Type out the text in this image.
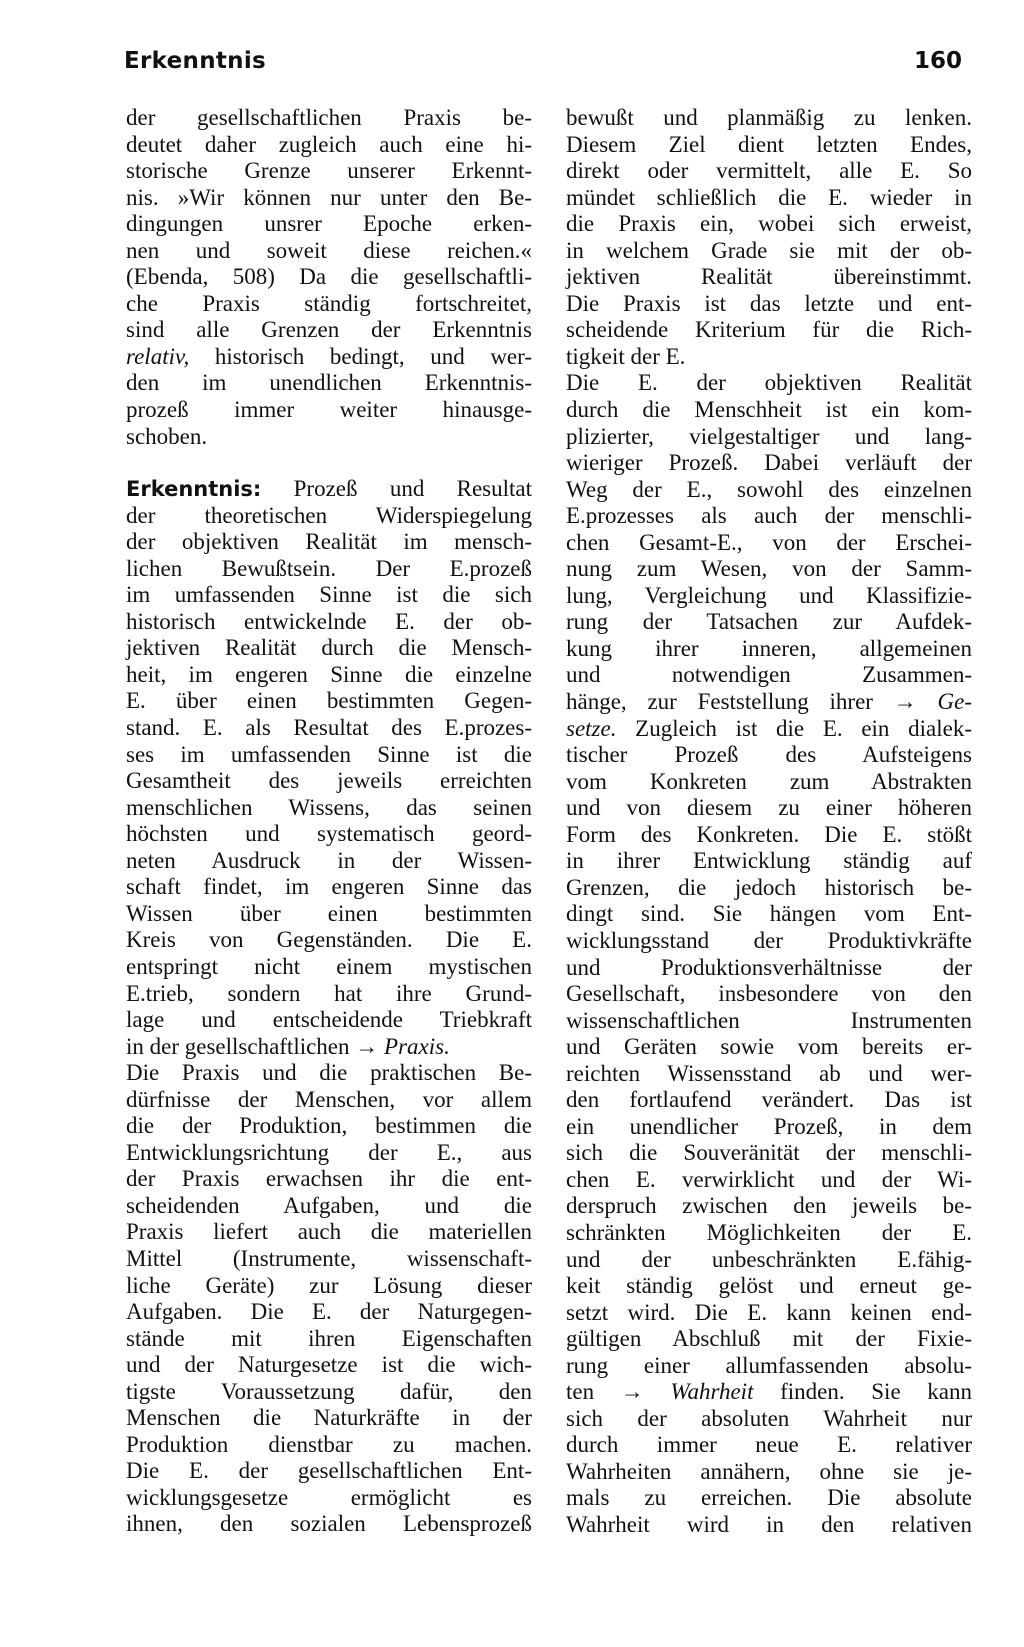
Erkenntnis	160
der gesellschaftlichen Praxis be-
deutet daher zugleich auch eine hi-
storische Grenze unserer Erkennt-
nis. »Wir können nur unter den Be-
dingungen unsrer Epoche erken-
nen und soweit diese reichen.«
(Ebenda, 508) Da die gesellschaftli-
che Praxis ständig fortschreitet,
sind alle Grenzen der Erkenntnis
relativ, historisch bedingt, und wer-
den im unendlichen Erkenntnis-
prozeß immer weiter hinausge-
schoben.
Erkenntnis: Prozeß und Resultat
der theoretischen Widerspiegelung
der objektiven Realität im mensch-
lichen Bewußtsein. Der E.prozeß
im umfassenden Sinne ist die sich
historisch entwickelnde E. der ob-
jektiven Realität durch die Mensch-
heit, im engeren Sinne die einzelne
E. über einen bestimmten Gegen-
stand. E. als Resultat des E.prozes-
ses im umfassenden Sinne ist die
Gesamtheit des jeweils erreichten
menschlichen Wissens, das seinen
höchsten und systematisch geord-
neten Ausdruck in der Wissen-
schaft findet, im engeren Sinne das
Wissen über einen bestimmten
Kreis von Gegenständen. Die E.
entspringt nicht einem mystischen
E.trieb, sondern hat ihre Grund-
lage und entscheidende Triebkraft
in der gesellschaftlichen → Praxis.
Die Praxis und die praktischen Be-
dürfnisse der Menschen, vor allem
die der Produktion, bestimmen die
Entwicklungsrichtung der E., aus
der Praxis erwachsen ihr die ent-
scheidenden Aufgaben, und die
Praxis liefert auch die materiellen
Mittel (Instrumente, wissenschaft-
liche Geräte) zur Lösung dieser
Aufgaben. Die E. der Naturgegen-
stände mit ihren Eigenschaften
und der Naturgesetze ist die wich-
tigste Voraussetzung dafür, den
Menschen die Naturkräfte in der
Produktion dienstbar zu machen.
Die E. der gesellschaftlichen Ent-
wicklungsgesetze ermöglicht es
ihnen, den sozialen Lebensprozeß
bewußt und planmäßig zu lenken.
Diesem Ziel dient letzten Endes,
direkt oder vermittelt, alle E. So
mündet schließlich die E. wieder in
die Praxis ein, wobei sich erweist,
in welchem Grade sie mit der ob-
jektiven Realität übereinstimmt.
Die Praxis ist das letzte und ent-
scheidende Kriterium für die Rich-
tigkeit der E.
Die E. der objektiven Realität
durch die Menschheit ist ein kom-
plizierter, vielgestaltiger und lang-
wieriger Prozeß. Dabei verläuft der
Weg der E., sowohl des einzelnen
E.prozesses als auch der menschli-
chen Gesamt-E., von der Erschei-
nung zum Wesen, von der Samm-
lung, Vergleichung und Klassifizie-
rung der Tatsachen zur Aufdek-
kung ihrer inneren, allgemeinen
und notwendigen Zusammen-
hänge, zur Feststellung ihrer → Ge-
setze. Zugleich ist die E. ein dialek-
tischer Prozeß des Aufsteigens
vom Konkreten zum Abstrakten
und von diesem zu einer höheren
Form des Konkreten. Die E. stößt
in ihrer Entwicklung ständig auf
Grenzen, die jedoch historisch be-
dingt sind. Sie hängen vom Ent-
wicklungsstand der Produktivkräfte
und Produktionsverhältnisse der
Gesellschaft, insbesondere von den
wissenschaftlichen Instrumenten
und Geräten sowie vom bereits er-
reichten Wissensstand ab und wer-
den fortlaufend verändert. Das ist
ein unendlicher Prozeß, in dem
sich die Souveränität der menschli-
chen E. verwirklicht und der Wi-
derspruch zwischen den jeweils be-
schränkten Möglichkeiten der E.
und der unbeschränkten E.fähig-
keit ständig gelöst und erneut ge-
setzt wird. Die E. kann keinen end-
gültigen Abschluß mit der Fixie-
rung einer allumfassenden absolu-
ten → Wahrheit finden. Sie kann
sich der absoluten Wahrheit nur
durch immer neue E. relativer
Wahrheiten annähern, ohne sie je-
mals zu erreichen. Die absolute
Wahrheit wird in den relativen
